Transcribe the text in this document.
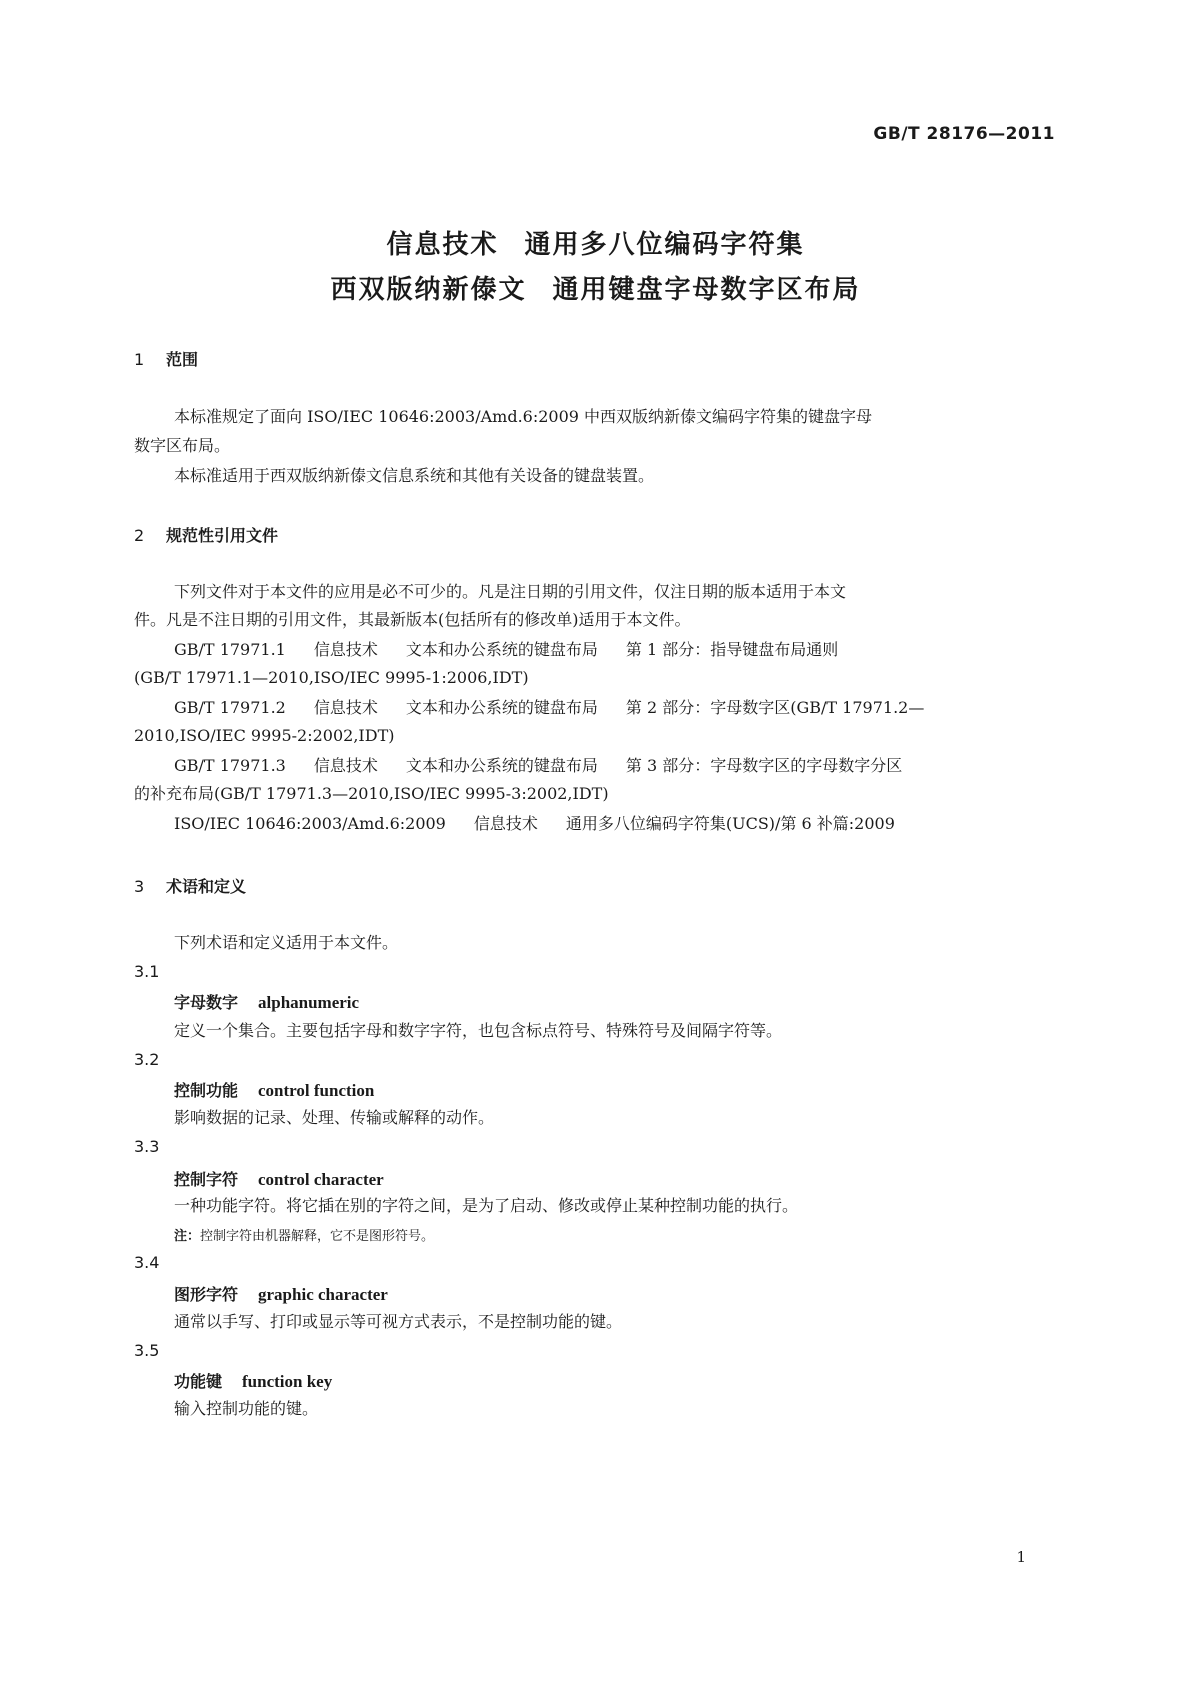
GB/T 28176—2011
信息技术 通用多八位编码字符集
西双版纳新傣文 通用键盘字母数字区布局
1 范围
本标准规定了面向 ISO/IEC 10646:2003/Amd.6:2009 中西双版纳新傣文编码字符集的键盘字母
数字区布局。
本标准适用于西双版纳新傣文信息系统和其他有关设备的键盘装置。
2 规范性引用文件
下列文件对于本文件的应用是必不可少的。凡是注日期的引用文件，仅注日期的版本适用于本文
件。凡是不注日期的引用文件，其最新版本(包括所有的修改单)适用于本文件。
GB/T 17971.1 信息技术 文本和办公系统的键盘布局 第 1 部分：指导键盘布局通则
(GB/T 17971.1—2010,ISO/IEC 9995-1:2006,IDT)
GB/T 17971.2 信息技术 文本和办公系统的键盘布局 第 2 部分：字母数字区(GB/T 17971.2—
2010,ISO/IEC 9995-2:2002,IDT)
GB/T 17971.3 信息技术 文本和办公系统的键盘布局 第 3 部分：字母数字区的字母数字分区
的补充布局(GB/T 17971.3—2010,ISO/IEC 9995-3:2002,IDT)
ISO/IEC 10646:2003/Amd.6:2009 信息技术 通用多八位编码字符集(UCS)/第 6 补篇:2009
3 术语和定义
下列术语和定义适用于本文件。
3.1
字母数字 alphanumeric
定义一个集合。主要包括字母和数字字符，也包含标点符号、特殊符号及间隔字符等。
3.2
控制功能 control function
影响数据的记录、处理、传输或解释的动作。
3.3
控制字符 control character
一种功能字符。将它插在别的字符之间，是为了启动、修改或停止某种控制功能的执行。
注：控制字符由机器解释，它不是图形符号。
3.4
图形字符 graphic character
通常以手写、打印或显示等可视方式表示，不是控制功能的键。
3.5
功能键 function key
输入控制功能的键。
1
